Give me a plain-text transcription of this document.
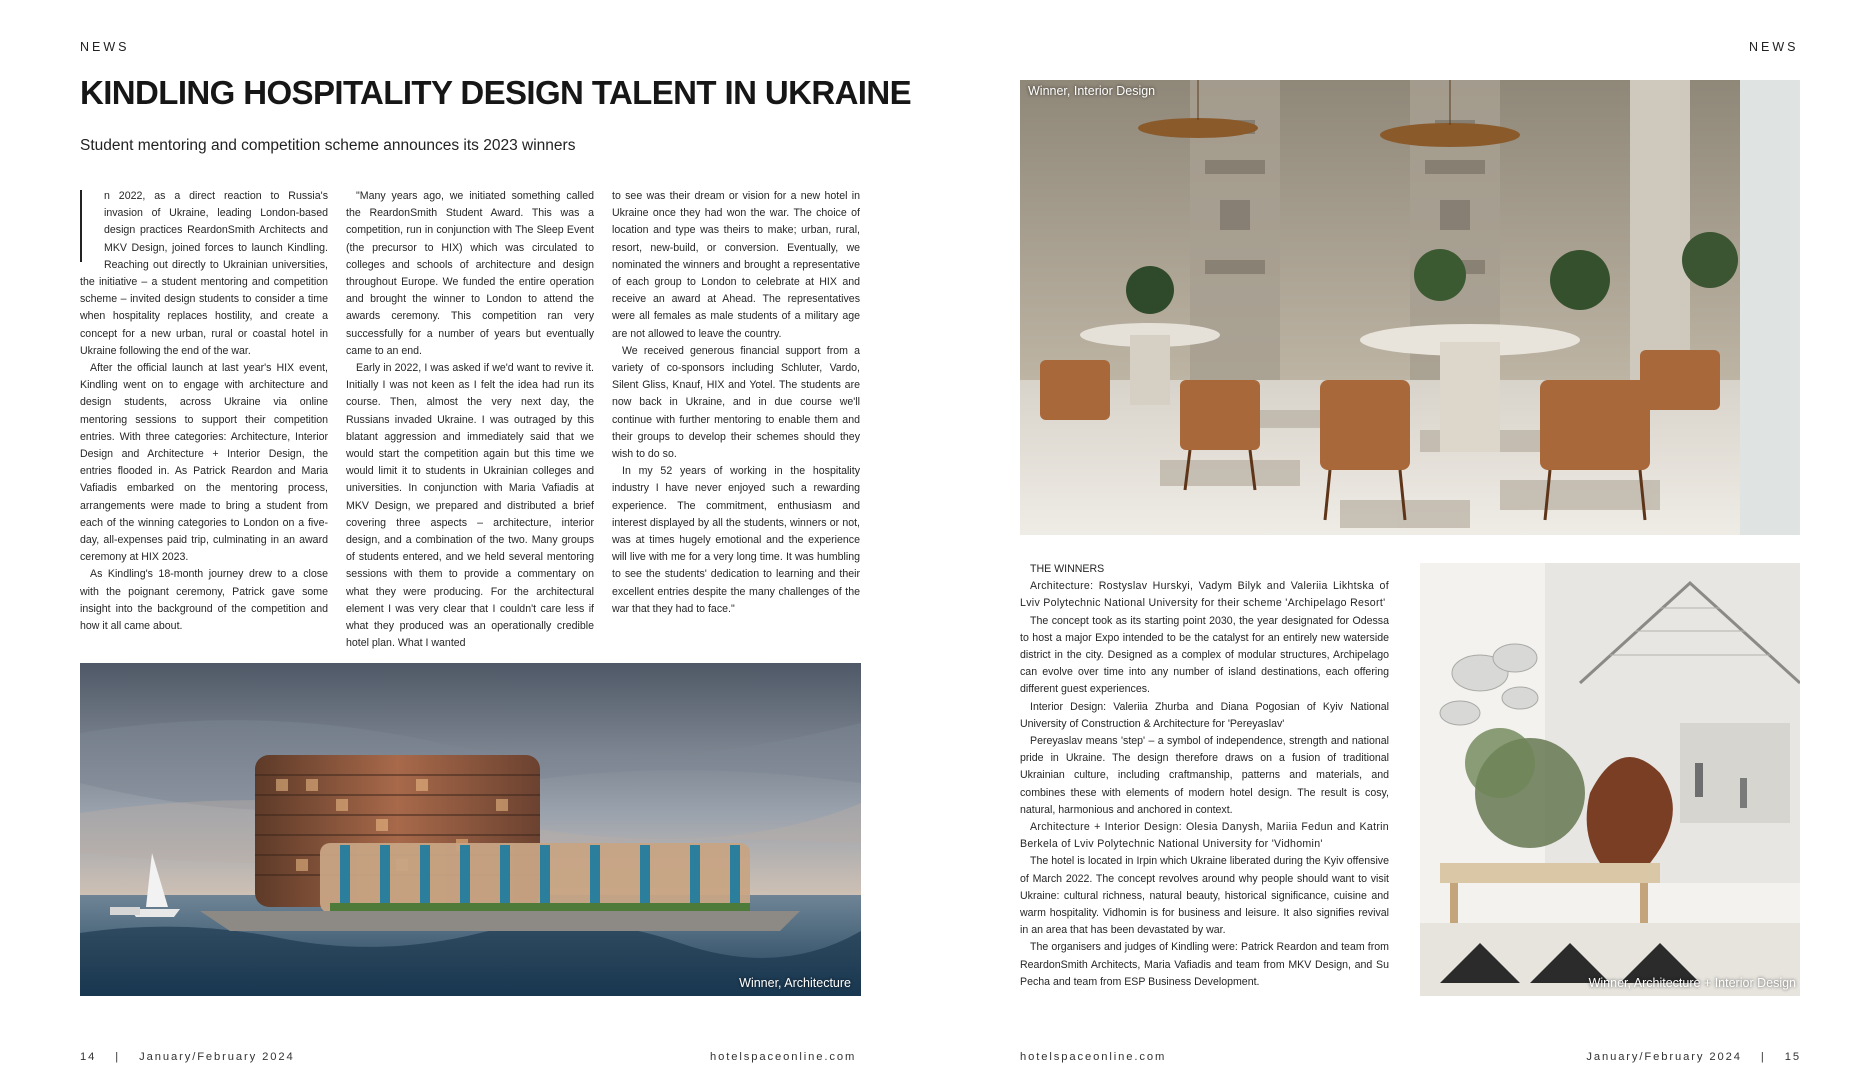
NEWS	NEWS
KINDLING HOSPITALITY DESIGN TALENT IN UKRAINE
Student mentoring and competition scheme announces its 2023 winners

n 2022, as a direct reaction to Russia's invasion of Ukraine, leading London-based design practices ReardonSmith Architects and MKV Design, joined forces to launch Kindling. Reaching out directly to Ukrainian universities, the initiative – a student mentoring and competition scheme – invited design students to consider a time when hospitality replaces hostility, and create a concept for a new urban, rural or coastal hotel in Ukraine following the end of the war.

After the official launch at last year's HIX event, Kindling went on to engage with architecture and design students, across Ukraine via online mentoring sessions to support their competition entries. With three categories: Architecture, Interior Design and Architecture + Interior Design, the entries flooded in. As Patrick Reardon and Maria Vafiadis embarked on the mentoring process, arrangements were made to bring a student from each of the winning categories to London on a five-day, all-expenses paid trip, culminating in an award ceremony at HIX 2023.

As Kindling's 18-month journey drew to a close with the poignant ceremony, Patrick gave some insight into the background of the competition and how it all came about.

"Many years ago, we initiated something called the ReardonSmith Student Award. This was a competition, run in conjunction with The Sleep Event (the precursor to HIX) which was circulated to colleges and schools of architecture and design throughout Europe. We funded the entire operation and brought the winner to London to attend the awards ceremony. This competition ran very successfully for a number of years but eventually came to an end.

Early in 2022, I was asked if we'd want to revive it. Initially I was not keen as I felt the idea had run its course. Then, almost the very next day, the Russians invaded Ukraine. I was outraged by this blatant aggression and immediately said that we would start the competition again but this time we would limit it to students in Ukrainian colleges and universities. In conjunction with Maria Vafiadis at MKV Design, we prepared and distributed a brief covering three aspects – architecture, interior design, and a combination of the two. Many groups of students entered, and we held several mentoring sessions with them to provide a commentary on what they were producing. For the architectural element I was very clear that I couldn't care less if what they produced was an operationally credible hotel plan. What I wanted

to see was their dream or vision for a new hotel in Ukraine once they had won the war. The choice of location and type was theirs to make; urban, rural, resort, new-build, or conversion. Eventually, we nominated the winners and brought a representative of each group to London to celebrate at HIX and receive an award at Ahead. The representatives were all females as male students of a military age are not allowed to leave the country.

We received generous financial support from a variety of co-sponsors including Schluter, Vardo, Silent Gliss, Knauf, HIX and Yotel. The students are now back in Ukraine, and in due course we'll continue with further mentoring to enable them and their groups to develop their schemes should they wish to do so.

In my 52 years of working in the hospitality industry I have never enjoyed such a rewarding experience. The commitment, enthusiasm and interest displayed by all the students, winners or not, was at times hugely emotional and the experience will live with me for a very long time. It was humbling to see the students' dedication to learning and their excellent entries despite the many challenges of the war that they had to face."

Winner, Architecture
Winner, Interior Design

THE WINNERS

Architecture: Rostyslav Hurskyi, Vadym Bilyk and Valeriia Likhtska of Lviv Polytechnic National University for their scheme 'Archipelago Resort'

The concept took as its starting point 2030, the year designated for Odessa to host a major Expo intended to be the catalyst for an entirely new waterside district in the city. Designed as a complex of modular structures, Archipelago can evolve over time into any number of island destinations, each offering different guest experiences.

Interior Design: Valeriia Zhurba and Diana Pogosian of Kyiv National University of Construction & Architecture for 'Pereyaslav'

Pereyaslav means 'step' – a symbol of independence, strength and national pride in Ukraine. The design therefore draws on a fusion of traditional Ukrainian culture, including craftmanship, patterns and materials, and combines these with elements of modern hotel design. The result is cosy, natural, harmonious and anchored in context.

Architecture + Interior Design: Olesia Danysh, Mariia Fedun and Katrin Berkela of Lviv Polytechnic National University for 'Vidhomin'

The hotel is located in Irpin which Ukraine liberated during the Kyiv offensive of March 2022. The concept revolves around why people should want to visit Ukraine: cultural richness, natural beauty, historical significance, cuisine and warm hospitality. Vidhomin is for business and leisure. It also signifies revival in an area that has been devastated by war.

The organisers and judges of Kindling were: Patrick Reardon and team from ReardonSmith Architects, Maria Vafiadis and team from MKV Design, and Su Pecha and team from ESP Business Development.	Winner, Architecture + Interior Design
14 | January/February 2024	hotelspaceonline.com	hotelspaceonline.com	January/February 2024 | 15
